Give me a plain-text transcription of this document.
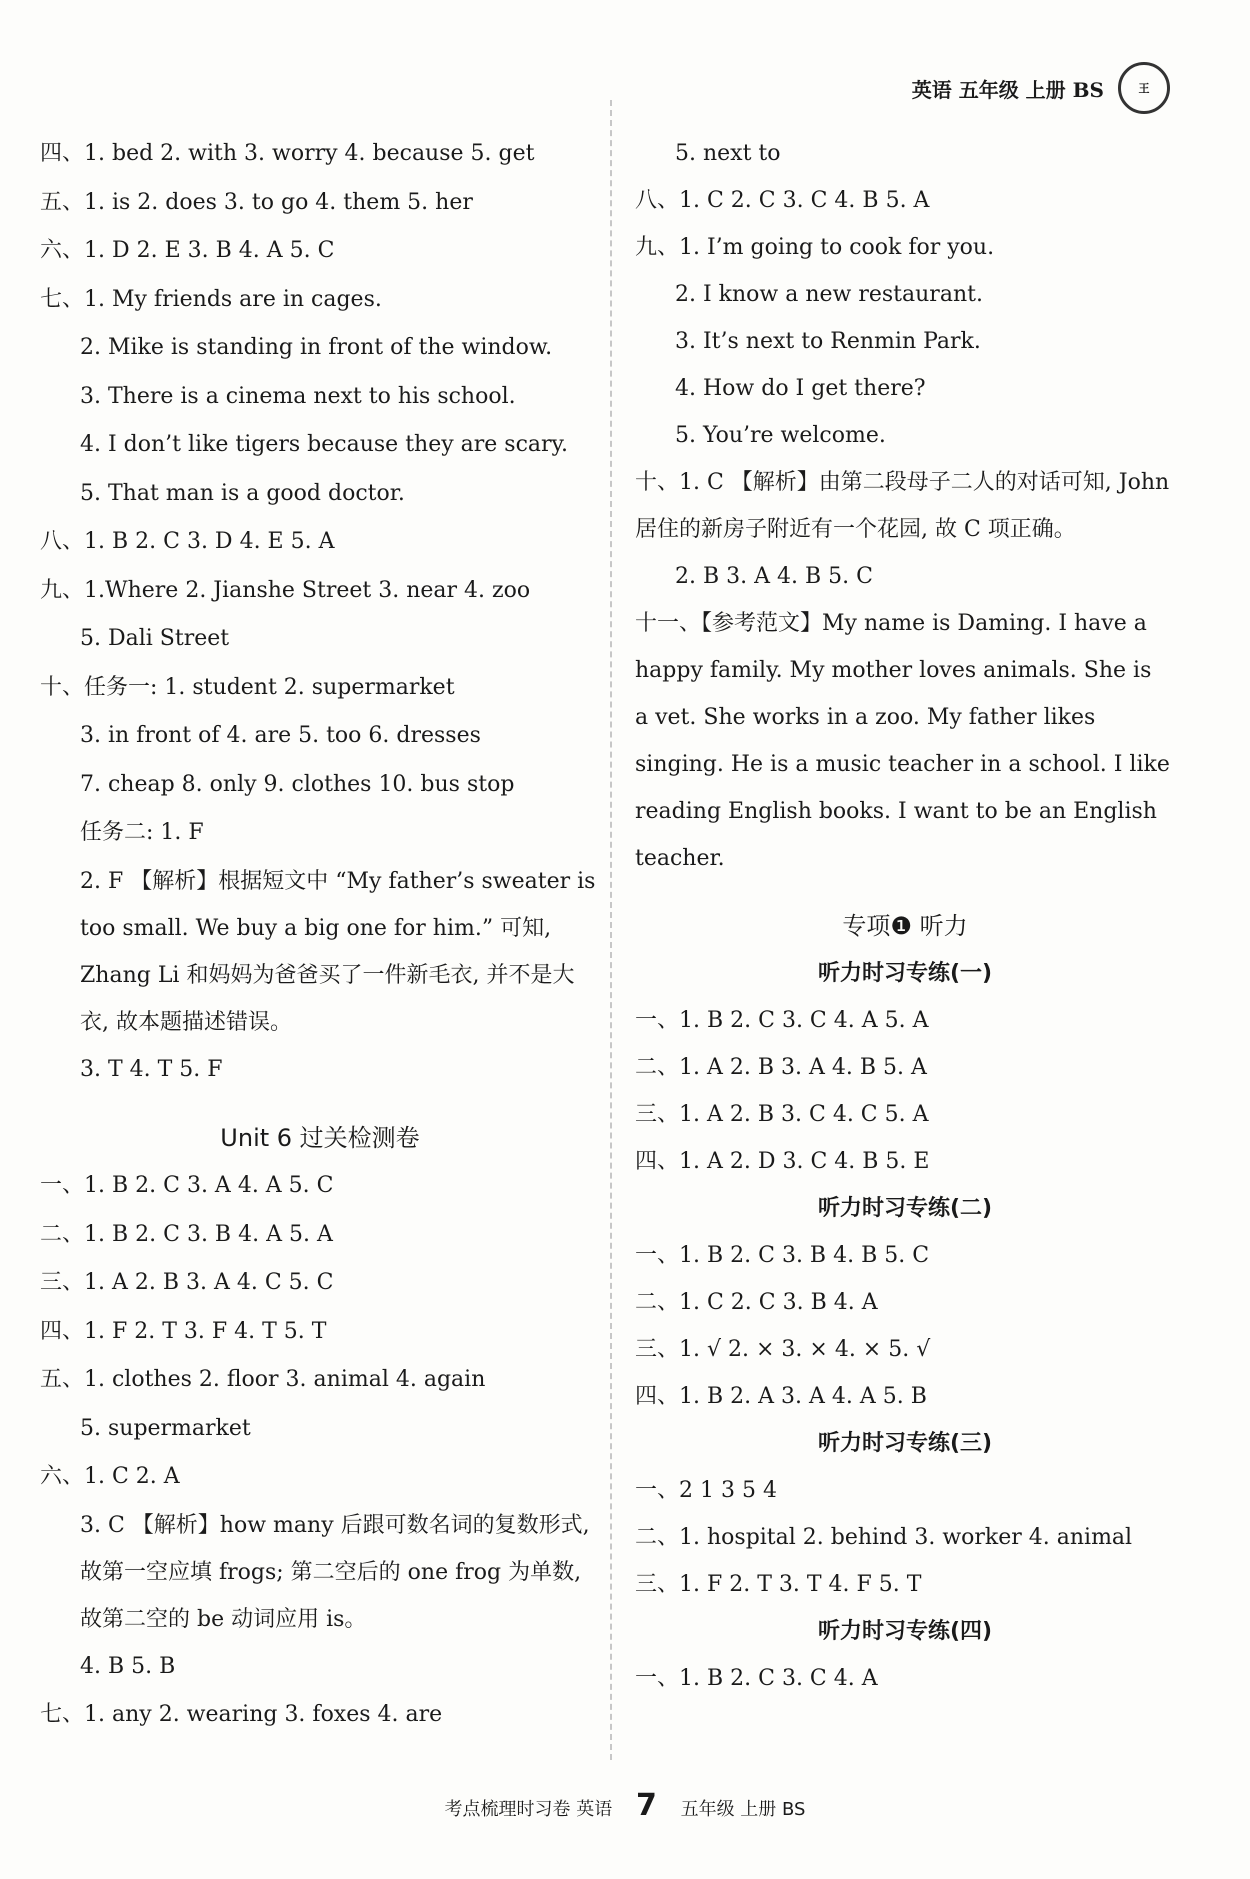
英语 五年级 上册 BS	王
四、1. bed 2. with 3. worry 4. because 5. get
五、1. is 2. does 3. to go 4. them 5. her
六、1. D 2. E 3. B 4. A 5. C
七、1. My friends are in cages.
2. Mike is standing in front of the window.
3. There is a cinema next to his school.
4. I don’t like tigers because they are scary.
5. That man is a good doctor.
八、1. B 2. C 3. D 4. E 5. A
九、1.Where 2. Jianshe Street 3. near 4. zoo
5. Dali Street
十、任务一: 1. student 2. supermarket
3. in front of 4. are 5. too 6. dresses
7. cheap 8. only 9. clothes 10. bus stop
任务二: 1. F
2. F 【解析】根据短文中 “My father’s sweater is too small. We buy a big one for him.” 可知, Zhang Li 和妈妈为爸爸买了一件新毛衣, 并不是大衣, 故本题描述错误。
3. T 4. T 5. F
Unit 6 过关检测卷
一、1. B 2. C 3. A 4. A 5. C
二、1. B 2. C 3. B 4. A 5. A
三、1. A 2. B 3. A 4. C 5. C
四、1. F 2. T 3. F 4. T 5. T
五、1. clothes 2. floor 3. animal 4. again
5. supermarket
六、1. C 2. A
3. C 【解析】how many 后跟可数名词的复数形式, 故第一空应填 frogs; 第二空后的 one frog 为单数, 故第二空的 be 动词应用 is。
4. B 5. B
七、1. any 2. wearing 3. foxes 4. are
5. next to
八、1. C 2. C 3. C 4. B 5. A
九、1. I’m going to cook for you.
2. I know a new restaurant.
3. It’s next to Renmin Park.
4. How do I get there?
5. You’re welcome.
十、1. C 【解析】由第二段母子二人的对话可知, John 居住的新房子附近有一个花园, 故 C 项正确。
2. B 3. A 4. B 5. C
十一、【参考范文】My name is Daming. I have a happy family. My mother loves animals. She is a vet. She works in a zoo. My father likes singing. He is a music teacher in a school. I like reading English books. I want to be an English teacher.
专项❶ 听力
听力时习专练(一)
一、1. B 2. C 3. C 4. A 5. A
二、1. A 2. B 3. A 4. B 5. A
三、1. A 2. B 3. C 4. C 5. A
四、1. A 2. D 3. C 4. B 5. E
听力时习专练(二)
一、1. B 2. C 3. B 4. B 5. C
二、1. C 2. C 3. B 4. A
三、1. √ 2. × 3. × 4. × 5. √
四、1. B 2. A 3. A 4. A 5. B
听力时习专练(三)
一、2 1 3 5 4
二、1. hospital 2. behind 3. worker 4. animal
三、1. F 2. T 3. T 4. F 5. T
听力时习专练(四)
一、1. B 2. C 3. C 4. A
考点梳理时习卷 英语 7 五年级 上册 BS
